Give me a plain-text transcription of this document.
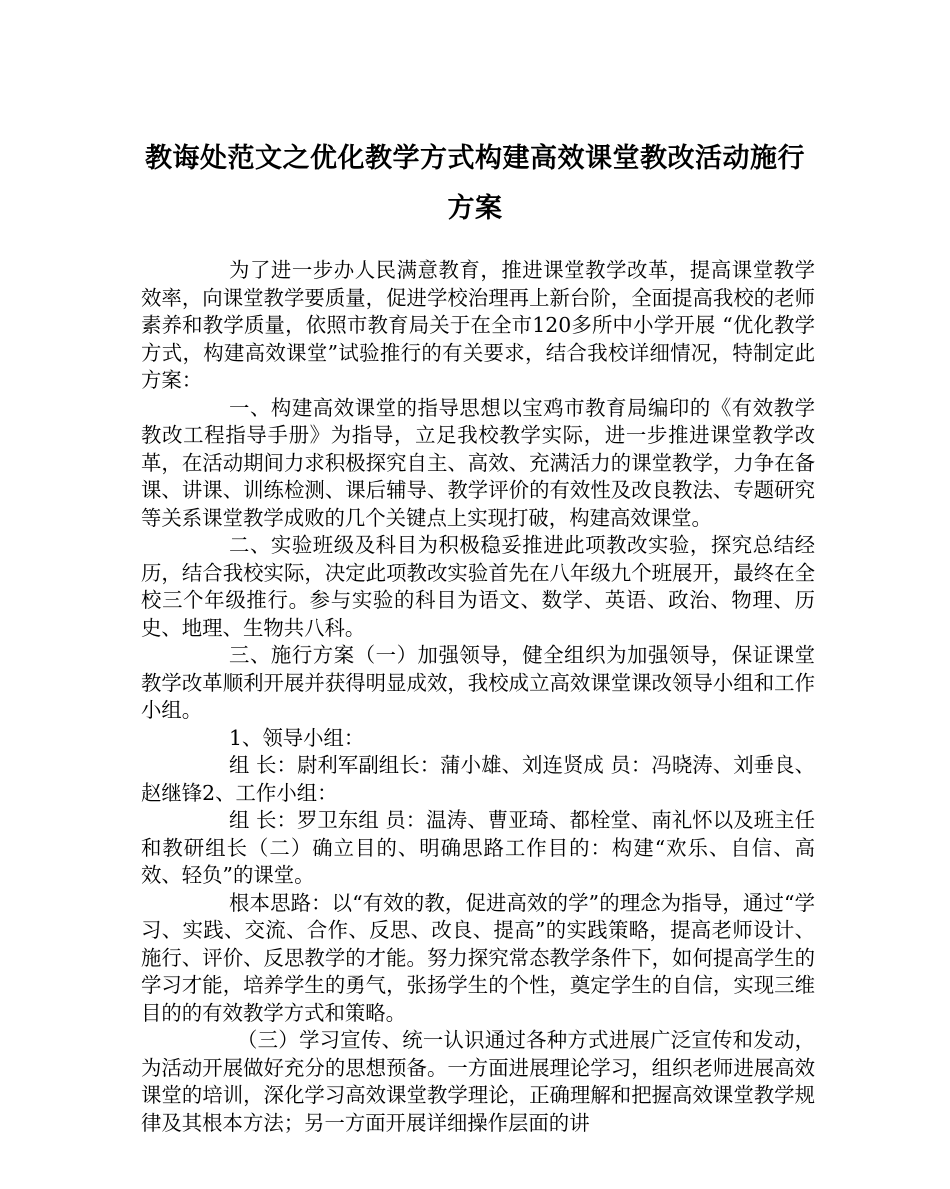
教诲处范文之优化教学方式构建高效课堂教改活动施行
方案

为了进一步办人民满意教育，推进课堂教学改革，提高课堂教学效率，向课堂教学要质量，促进学校治理再上新台阶，全面提高我校的老师素养和教学质量，依照市教育局关于在全市120多所中小学开展 “优化教学方式，构建高效课堂”试验推行的有关要求，结合我校详细情况，特制定此方案：

一、构建高效课堂的指导思想以宝鸡市教育局编印的《有效教学教改工程指导手册》为指导，立足我校教学实际，进一步推进课堂教学改革，在活动期间力求积极探究自主、高效、充满活力的课堂教学，力争在备课、讲课、训练检测、课后辅导、教学评价的有效性及改良教法、专题研究等关系课堂教学成败的几个关键点上实现打破，构建高效课堂。

二、实验班级及科目为积极稳妥推进此项教改实验，探究总结经历，结合我校实际，决定此项教改实验首先在八年级九个班展开，最终在全校三个年级推行。参与实验的科目为语文、数学、英语、政治、物理、历史、地理、生物共八科。

三、施行方案（一）加强领导，健全组织为加强领导，保证课堂教学改革顺利开展并获得明显成效，我校成立高效课堂课改领导小组和工作小组。

1、领导小组：

组 长：尉利军副组长：蒲小雄、刘连贤成 员：冯晓涛、刘垂良、赵继锋2、工作小组：

组 长：罗卫东组 员：温涛、曹亚琦、都栓堂、南礼怀以及班主任和教研组长（二）确立目的、明确思路工作目的：构建“欢乐、自信、高效、轻负”的课堂。

根本思路：以“有效的教，促进高效的学”的理念为指导，通过“学习、实践、交流、合作、反思、改良、提高”的实践策略，提高老师设计、施行、评价、反思教学的才能。努力探究常态教学条件下，如何提高学生的学习才能，培养学生的勇气，张扬学生的个性，奠定学生的自信，实现三维目的的有效教学方式和策略。

（三）学习宣传、统一认识通过各种方式进展广泛宣传和发动，为活动开展做好充分的思想预备。一方面进展理论学习，组织老师进展高效课堂的培训，深化学习高效课堂教学理论，正确理解和把握高效课堂教学规律及其根本方法；另一方面开展详细操作层面的讲
